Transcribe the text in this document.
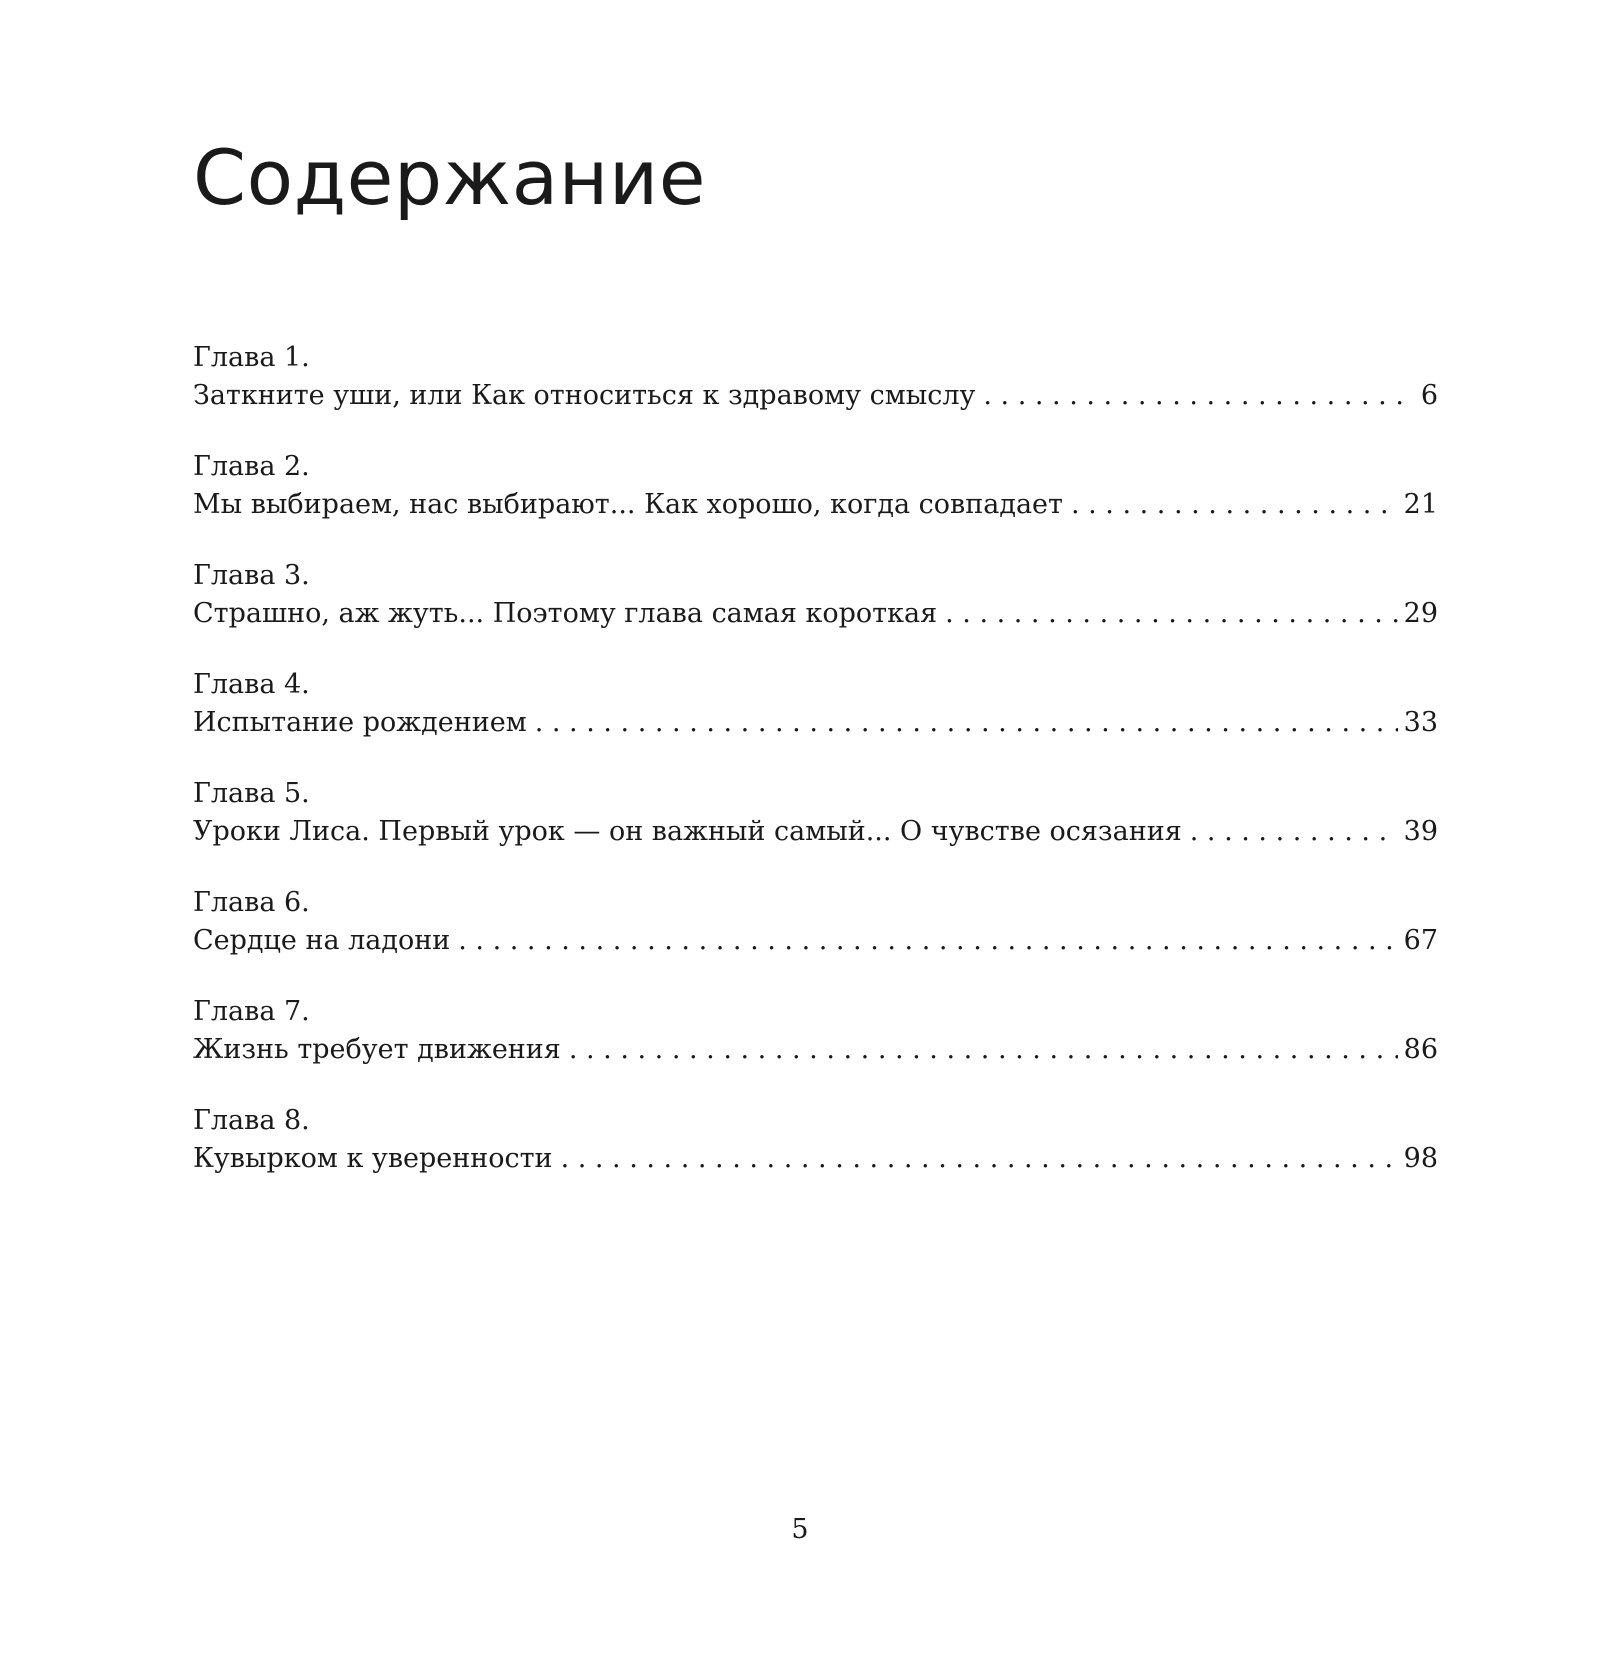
Содержание
Глава 1.
Заткните уши, или Как относиться к здравому смыслу . . .	6
Глава 2.
Мы выбираем, нас выбирают... Как хорошо, когда совпадает . . .	21
Глава 3.
Страшно, аж жуть... Поэтому глава самая короткая . . .	29
Глава 4.
Испытание рождением . . .	33
Глава 5.
Уроки Лиса. Первый урок — он важный самый... О чувстве осязания . . .	39
Глава 6.
Сердце на ладони . . .	67
Глава 7.
Жизнь требует движения . . .	86
Глава 8.
Кувырком к уверенности . . .	98
5
